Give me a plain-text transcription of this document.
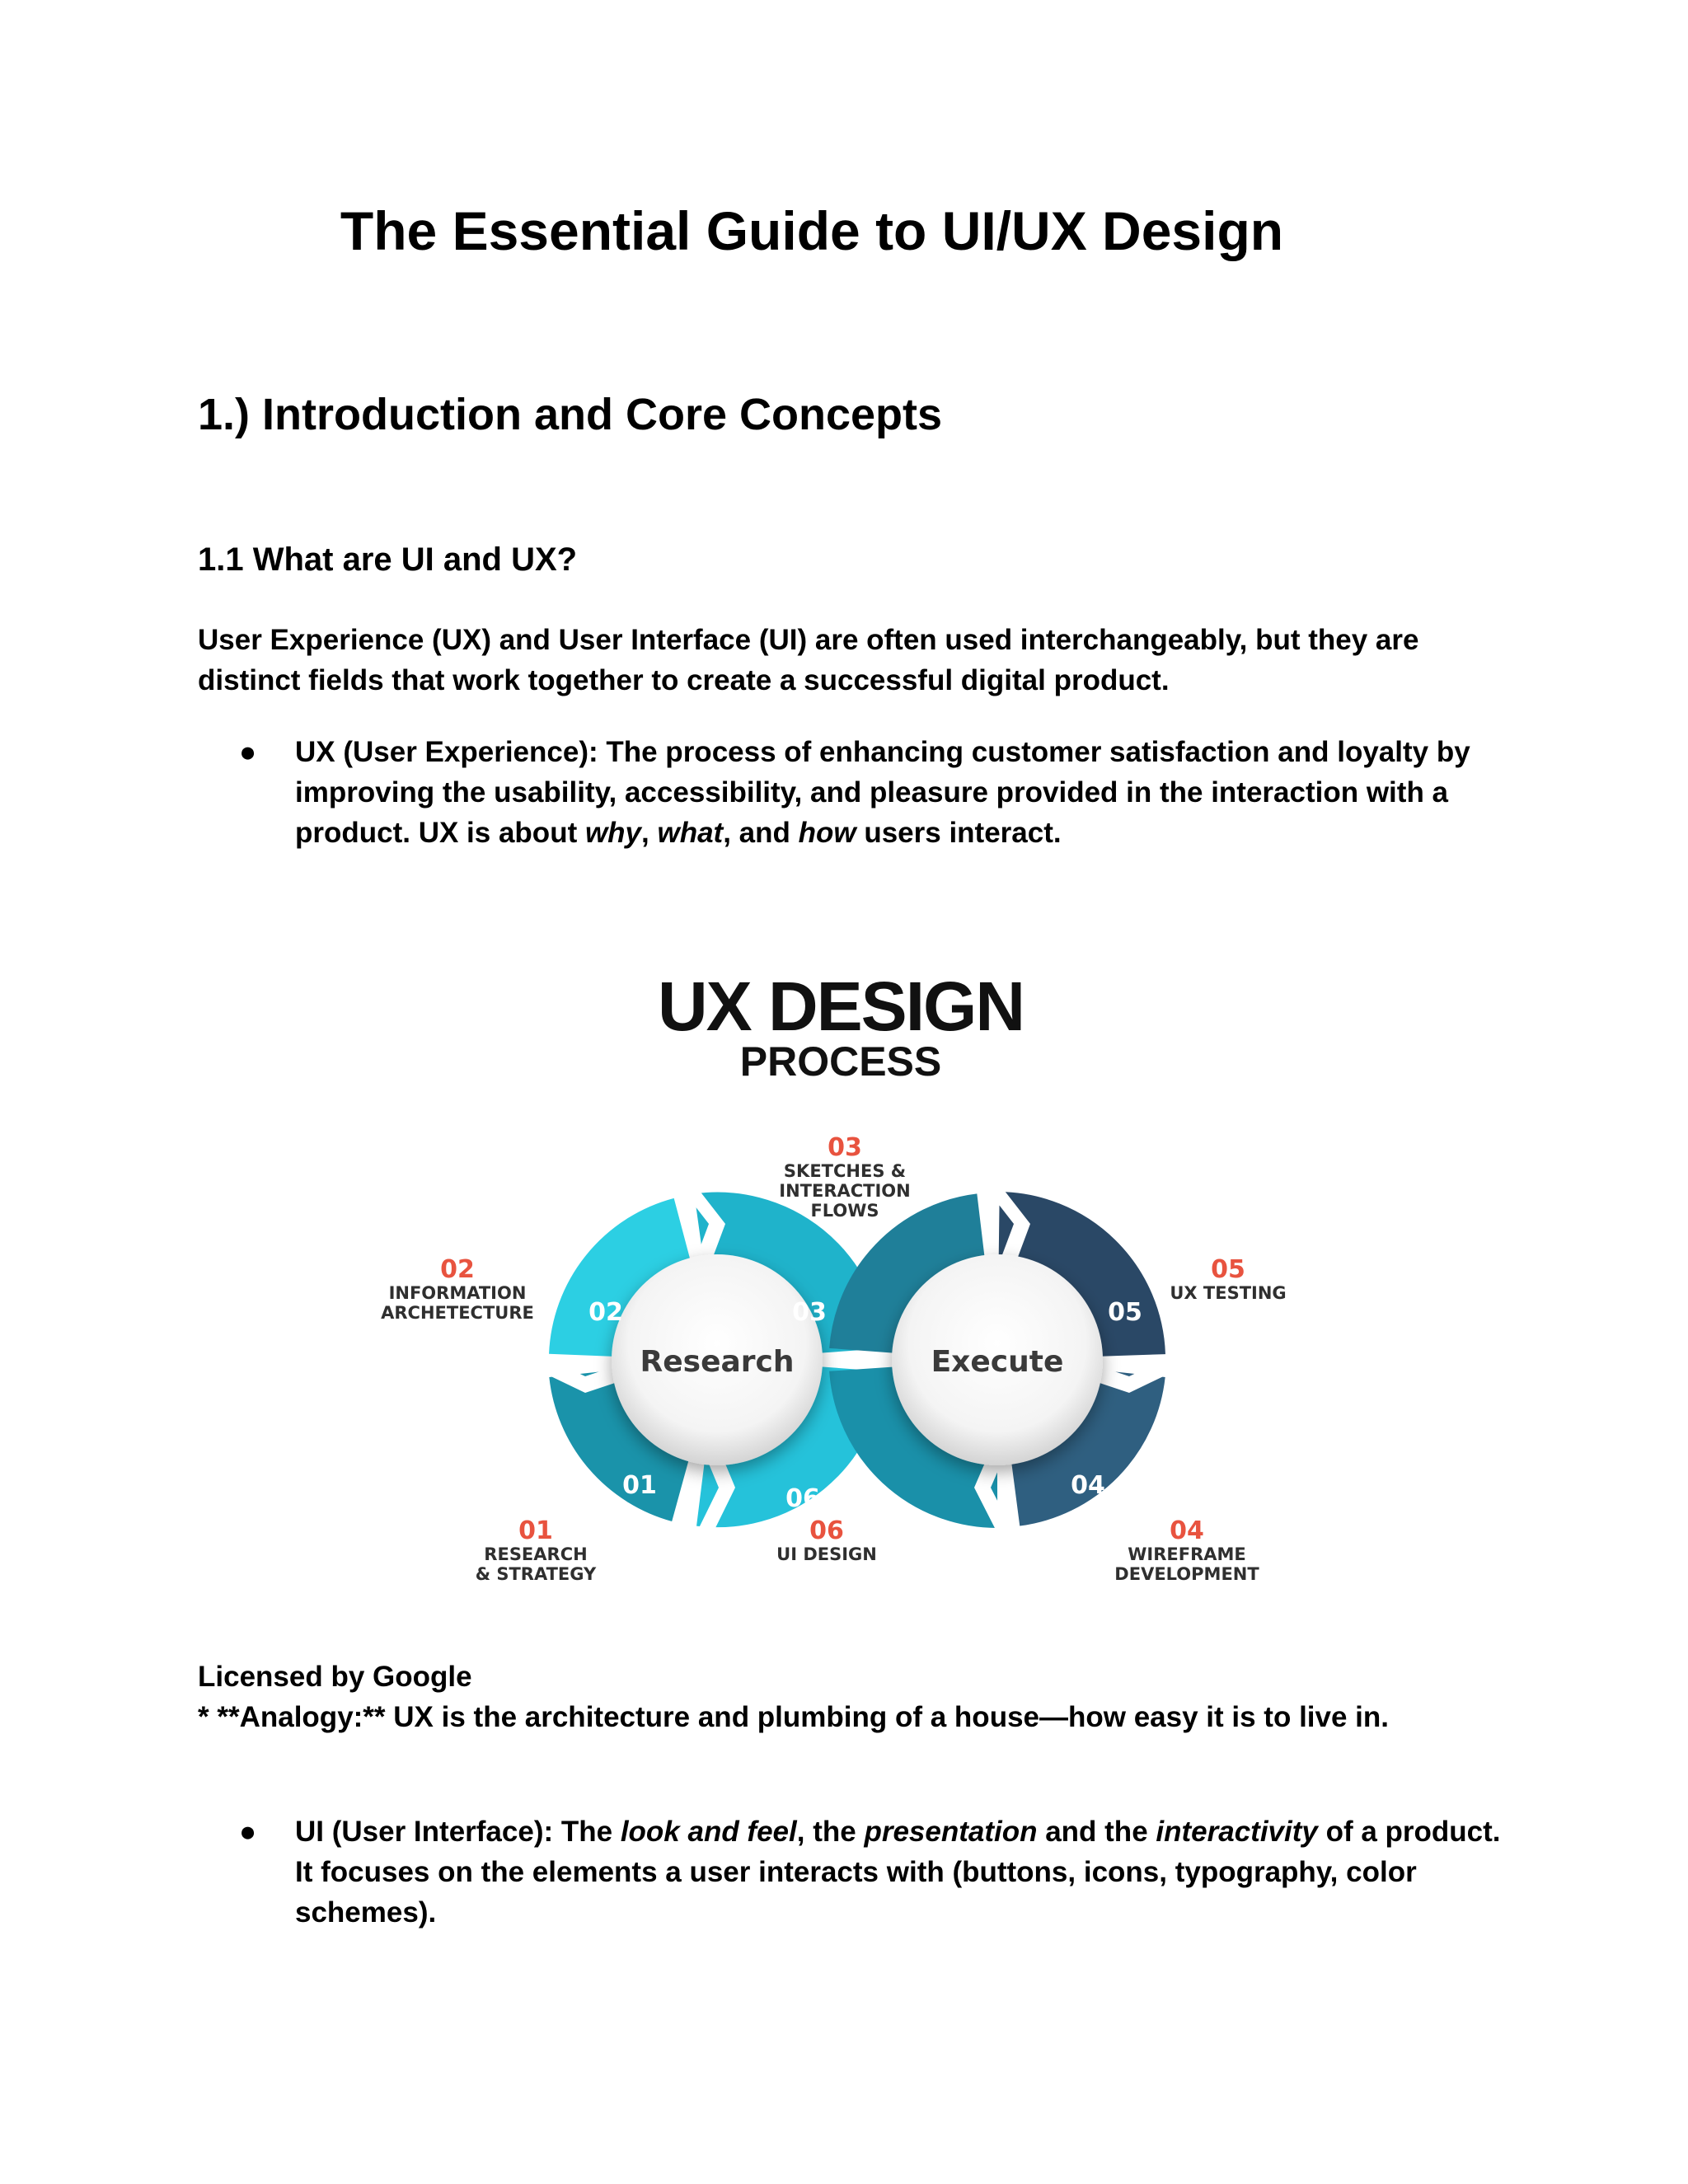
The Essential Guide to UI/UX Design
1.) Introduction and Core Concepts
1.1 What are UI and UX?

User Experience (UX) and User Interface (UI) are often used interchangeably, but they are distinct fields that work together to create a successful digital product.

●	UX (User Experience): The process of enhancing customer satisfaction and loyalty by improving the usability, accessibility, and pleasure provided in the interaction with a product. UX is about why, what, and how users interact.
UX DESIGN
PROCESS
Research	Execute
02	03
01	06
05
04
03
SKETCHES &
INTERACTION
FLOWS
02
INFORMATION
ARCHETECTURE
05
UX TESTING
01
RESEARCH
& STRATEGY
06
UI DESIGN
04
WIREFRAME
DEVELOPMENT

Licensed by Google

* **Analogy:** UX is the architecture and plumbing of a house—how easy it is to live in.

●	UI (User Interface): The look and feel, the presentation and the interactivity of a product. It focuses on the elements a user interacts with (buttons, icons, typography, color schemes).
